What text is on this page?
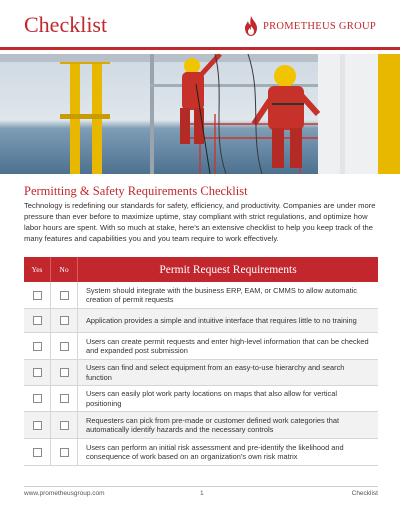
Checklist	PROMETHEUS GROUP
Permitting & Safety Requirements Checklist

Technology is redefining our standards for safety, efficiency, and productivity. Companies are under more pressure than ever before to maximize uptime, stay compliant with strict regulations, and optimize how labor hours are spent. With so much at stake, here’s an extensive checklist to help you keep track of the many features and capabilities you and you team require to work effectively.

Yes	No	Permit Request Requirements
System should integrate with the business ERP, EAM, or CMMS to allow automatic creation of permit requests
Application provides a simple and intuitive interface that requires little to no training
Users can create permit requests and enter high-level information that can be checked and expanded post submission
Users can find and select equipment from an easy-to-use hierarchy and search function
Users can easily plot work party locations on maps that also allow for vertical positioning
Requesters can pick from pre-made or customer defined work categories that automatically identify hazards and the necessary controls
Users can perform an initial risk assessment and pre-identify the likelihood and consequence of work based on an organization’s own risk matrix
www.prometheusgroup.com	1	Checklist
